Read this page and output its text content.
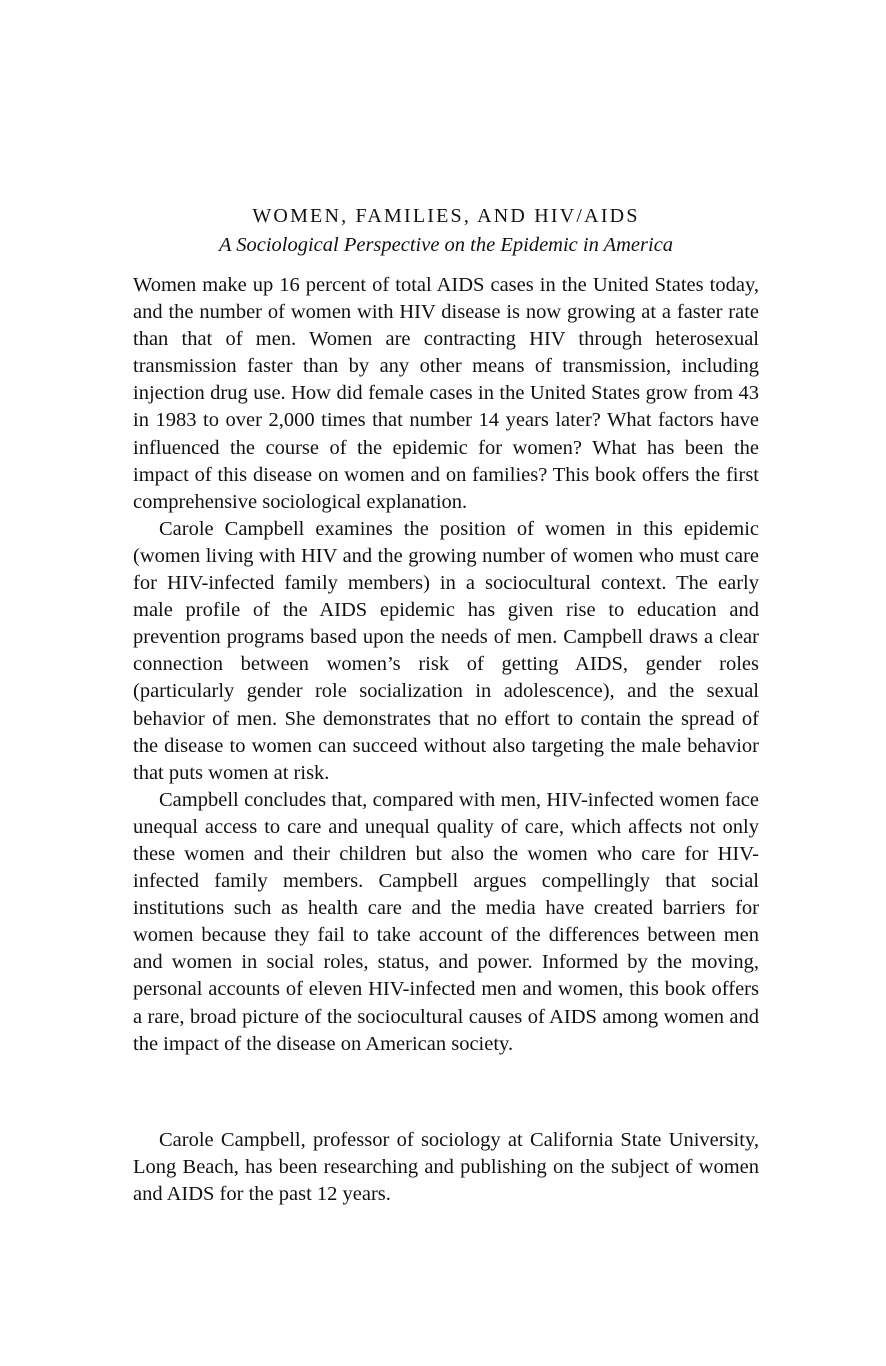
WOMEN, FAMILIES, AND HIV/AIDS
A Sociological Perspective on the Epidemic in America

Women make up 16 percent of total AIDS cases in the United States today, and the number of women with HIV disease is now growing at a faster rate than that of men. Women are contracting HIV through heterosexual transmission faster than by any other means of transmission, including injection drug use. How did female cases in the United States grow from 43 in 1983 to over 2,000 times that number 14 years later? What factors have influenced the course of the epidemic for women? What has been the impact of this disease on women and on families? This book offers the first comprehensive sociological explanation.

Carole Campbell examines the position of women in this epidemic (women living with HIV and the growing number of women who must care for HIV-infected family members) in a sociocultural context. The early male profile of the AIDS epidemic has given rise to education and prevention programs based upon the needs of men. Campbell draws a clear connection between women’s risk of getting AIDS, gender roles (particularly gender role socialization in adolescence), and the sexual behavior of men. She demonstrates that no effort to contain the spread of the disease to women can succeed without also targeting the male behavior that puts women at risk.

Campbell concludes that, compared with men, HIV-infected women face unequal access to care and unequal quality of care, which affects not only these women and their children but also the women who care for HIV-infected family members. Campbell argues compellingly that social institutions such as health care and the media have created barriers for women because they fail to take account of the differences between men and women in social roles, status, and power. Informed by the moving, personal accounts of eleven HIV-infected men and women, this book offers a rare, broad picture of the sociocultural causes of AIDS among women and the impact of the disease on American society.

Carole Campbell, professor of sociology at California State University, Long Beach, has been researching and publishing on the subject of women and AIDS for the past 12 years.
